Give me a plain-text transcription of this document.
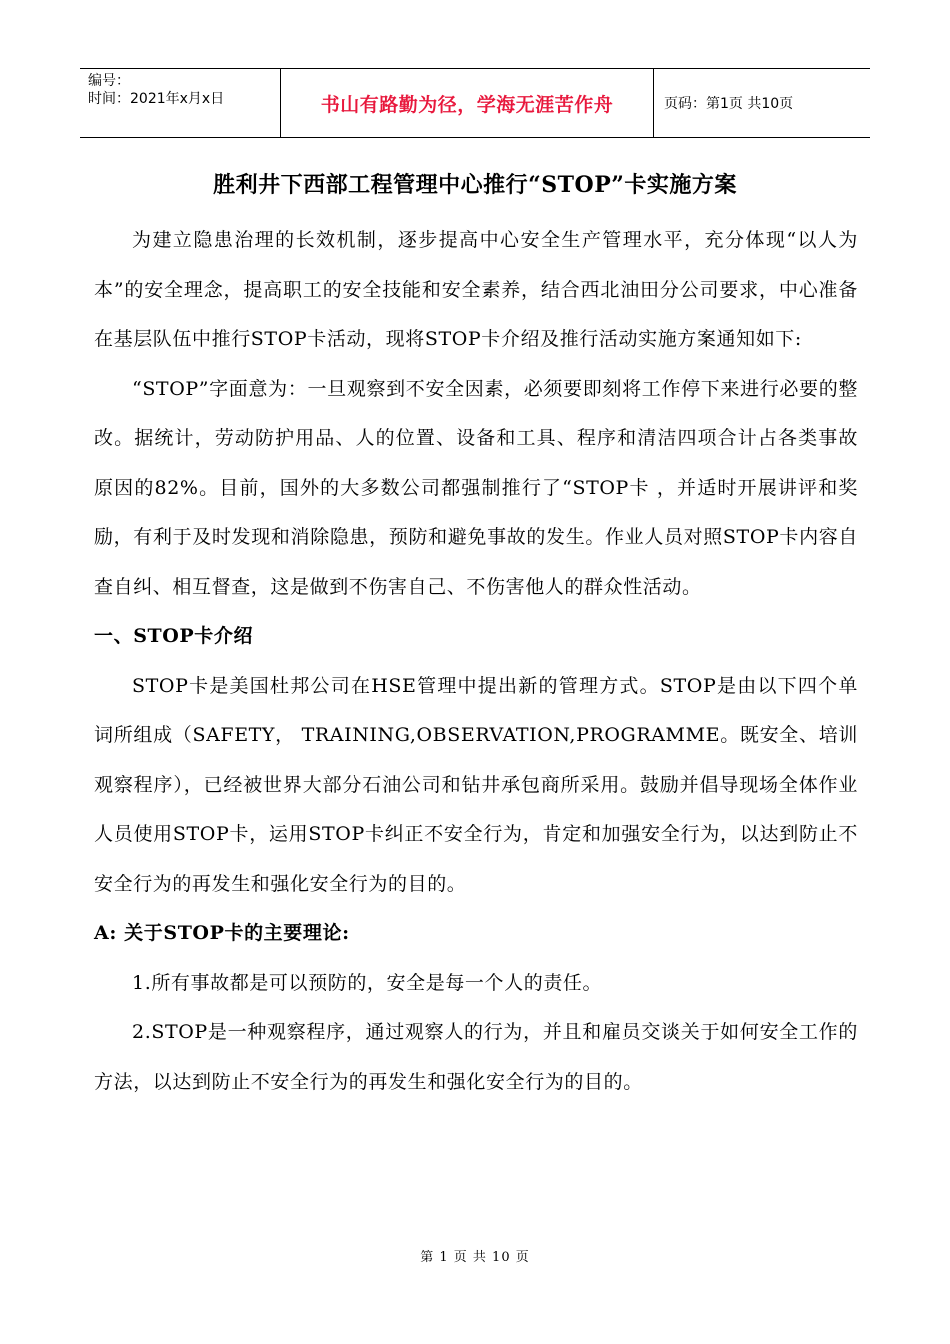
编号：
时间：2021年x月x日	书山有路勤为径，学海无涯苦作舟	页码：第1页 共10页
胜利井下西部工程管理中心推行“STOP”卡实施方案

为建立隐患治理的长效机制，逐步提高中心安全生产管理水平，充分体现“以人为本”的安全理念，提高职工的安全技能和安全素养，结合西北油田分公司要求，中心准备在基层队伍中推行STOP卡活动，现将STOP卡介绍及推行活动实施方案通知如下:

“STOP”字面意为：一旦观察到不安全因素，必须要即刻将工作停下来进行必要的整改。据统计，劳动防护用品、人的位置、设备和工具、程序和清洁四项合计占各类事故原因的82%。目前，国外的大多数公司都强制推行了“STOP卡 ，并适时开展讲评和奖励，有利于及时发现和消除隐患，预防和避免事故的发生。作业人员对照STOP卡内容自查自纠、相互督查，这是做到不伤害自己、不伤害他人的群众性活动。

一、STOP卡介绍

STOP卡是美国杜邦公司在HSE管理中提出新的管理方式。STOP是由以下四个单词所组成（SAFETY， TRAINING,OBSERVATION,PROGRAMME。既安全、培训观察程序），已经被世界大部分石油公司和钻井承包商所采用。鼓励并倡导现场全体作业人员使用STOP卡，运用STOP卡纠正不安全行为，肯定和加强安全行为，以达到防止不安全行为的再发生和强化安全行为的目的。

A: 关于STOP卡的主要理论:

1.所有事故都是可以预防的，安全是每一个人的责任。

2.STOP是一种观察程序，通过观察人的行为，并且和雇员交谈关于如何安全工作的方法，以达到防止不安全行为的再发生和强化安全行为的目的。

第 1 页 共 10 页
